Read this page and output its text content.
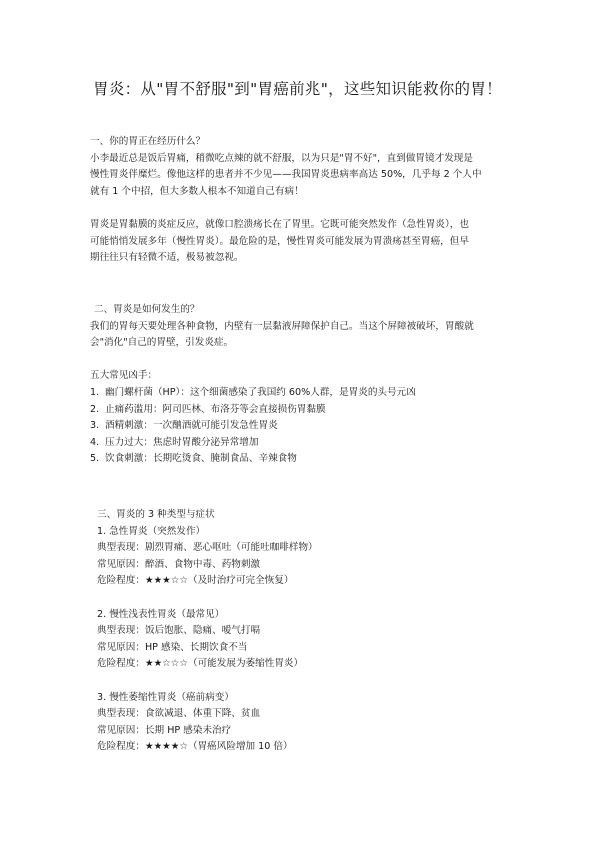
胃炎：从"胃不舒服"到"胃癌前兆"，这些知识能救你的胃！

一、你的胃正在经历什么？

小李最近总是饭后胃痛，稍微吃点辣的就不舒服，以为只是"胃不好"，直到做胃镜才发现是

慢性胃炎伴糜烂。像他这样的患者并不少见——我国胃炎患病率高达 50%，几乎每 2 个人中

就有 1 个中招，但大多数人根本不知道自己有病！

胃炎是胃黏膜的炎症反应，就像口腔溃疡长在了胃里。它既可能突然发作（急性胃炎），也

可能悄悄发展多年（慢性胃炎）。最危险的是，慢性胃炎可能发展为胃溃疡甚至胃癌，但早

期往往只有轻微不适，极易被忽视。

二、胃炎是如何发生的？

我们的胃每天要处理各种食物，内壁有一层黏液屏障保护自己。当这个屏障被破坏，胃酸就

会"消化"自己的胃壁，引发炎症。

五大常见凶手：

1. 幽门螺杆菌（HP）：这个细菌感染了我国约 60%人群，是胃炎的头号元凶
2. 止痛药滥用：阿司匹林、布洛芬等会直接损伤胃黏膜
3. 酒精刺激：一次酗酒就可能引发急性胃炎
4. 压力过大：焦虑时胃酸分泌异常增加
5. 饮食刺激：长期吃烫食、腌制食品、辛辣食物

三、胃炎的 3 种类型与症状

1. 急性胃炎（突然发作）

典型表现：剧烈胃痛、恶心呕吐（可能吐咖啡样物）

常见原因：醉酒、食物中毒、药物刺激

危险程度：★★★☆☆（及时治疗可完全恢复）

2. 慢性浅表性胃炎（最常见）

典型表现：饭后饱胀、隐痛、嗳气打嗝

常见原因：HP 感染、长期饮食不当

危险程度：★★☆☆☆（可能发展为萎缩性胃炎）

3. 慢性萎缩性胃炎（癌前病变）

典型表现：食欲减退、体重下降、贫血

常见原因：长期 HP 感染未治疗

危险程度：★★★★☆（胃癌风险增加 10 倍）
